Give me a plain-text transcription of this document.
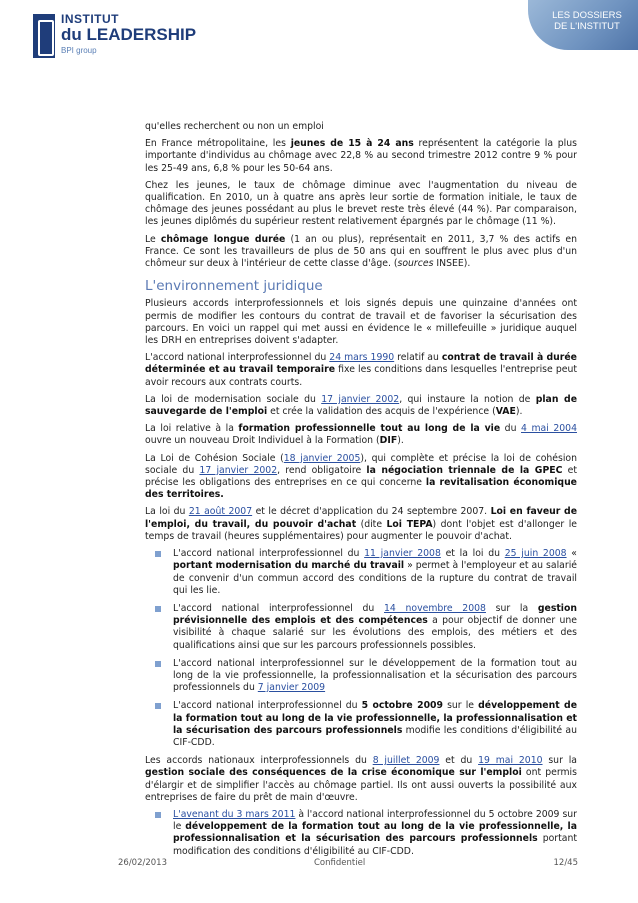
INSTITUT
du LEADERSHIP
BPI group
LES DOSSIERS
DE L'INSTITUT

qu'elles recherchent ou non un emploi

En France métropolitaine, les jeunes de 15 à 24 ans représentent la catégorie la plus importante d'individus au chômage avec 22,8 % au second trimestre 2012 contre 9 % pour les 25-49 ans, 6,8 % pour les 50-64 ans.

Chez les jeunes, le taux de chômage diminue avec l'augmentation du niveau de qualification. En 2010, un à quatre ans après leur sortie de formation initiale, le taux de chômage des jeunes possédant au plus le brevet reste très élevé (44 %). Par comparaison, les jeunes diplômés du supérieur restent relativement épargnés par le chômage (11 %).

Le chômage longue durée (1 an ou plus), représentait en 2011, 3,7 % des actifs en France. Ce sont les travailleurs de plus de 50 ans qui en souffrent le plus avec plus d'un chômeur sur deux à l'intérieur de cette classe d'âge. (sources INSEE).

L'environnement juridique

Plusieurs accords interprofessionnels et lois signés depuis une quinzaine d'années ont permis de modifier les contours du contrat de travail et de favoriser la sécurisation des parcours. En voici un rappel qui met aussi en évidence le « millefeuille » juridique auquel les DRH en entreprises doivent s'adapter.

L'accord national interprofessionnel du 24 mars 1990 relatif au contrat de travail à durée déterminée et au travail temporaire fixe les conditions dans lesquelles l'entreprise peut avoir recours aux contrats courts.

La loi de modernisation sociale du 17 janvier 2002, qui instaure la notion de plan de sauvegarde de l'emploi et crée la validation des acquis de l'expérience (VAE).

La loi relative à la formation professionnelle tout au long de la vie du 4 mai 2004 ouvre un nouveau Droit Individuel à la Formation (DIF).

La Loi de Cohésion Sociale (18 janvier 2005), qui complète et précise la loi de cohésion sociale du 17 janvier 2002, rend obligatoire la négociation triennale de la GPEC et précise les obligations des entreprises en ce qui concerne la revitalisation économique des territoires.

La loi du 21 août 2007 et le décret d'application du 24 septembre 2007. Loi en faveur de l'emploi, du travail, du pouvoir d'achat (dite Loi TEPA) dont l'objet est d'allonger le temps de travail (heures supplémentaires) pour augmenter le pouvoir d'achat.

L'accord national interprofessionnel du 11 janvier 2008 et la loi du 25 juin 2008 « portant modernisation du marché du travail » permet à l'employeur et au salarié de convenir d'un commun accord des conditions de la rupture du contrat de travail qui les lie.
L'accord national interprofessionnel du 14 novembre 2008 sur la gestion prévisionnelle des emplois et des compétences a pour objectif de donner une visibilité à chaque salarié sur les évolutions des emplois, des métiers et des qualifications ainsi que sur les parcours professionnels possibles.
L'accord national interprofessionnel sur le développement de la formation tout au long de la vie professionnelle, la professionnalisation et la sécurisation des parcours professionnels du 7 janvier 2009
L'accord national interprofessionnel du 5 octobre 2009 sur le développement de la formation tout au long de la vie professionnelle, la professionnalisation et la sécurisation des parcours professionnels modifie les conditions d'éligibilité au CIF-CDD.

Les accords nationaux interprofessionnels du 8 juillet 2009 et du 19 mai 2010 sur la gestion sociale des conséquences de la crise économique sur l'emploi ont permis d'élargir et de simplifier l'accès au chômage partiel. Ils ont aussi ouverts la possibilité aux entreprises de faire du prêt de main d'œuvre.

L'avenant du 3 mars 2011 à l'accord national interprofessionnel du 5 octobre 2009 sur le développement de la formation tout au long de la vie professionnelle, la professionnalisation et la sécurisation des parcours professionnels portant modification des conditions d'éligibilité au CIF-CDD.
26/02/2013	Confidentiel	12/45
